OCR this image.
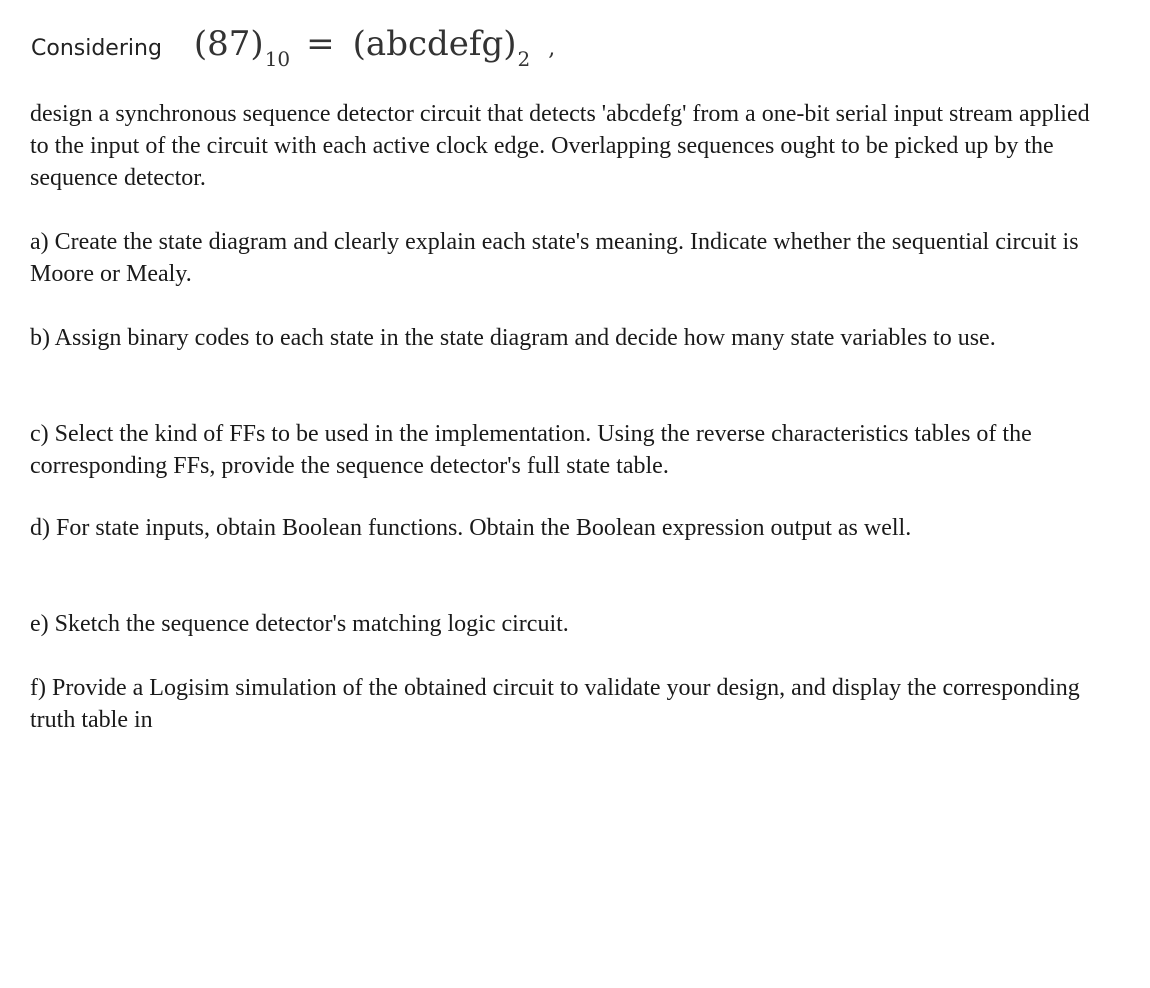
Considering (87) 10 = (abcdefg) 2 ,

design a synchronous sequence detector circuit that detects 'abcdefg' from a one-bit serial input stream applied to the input of the circuit with each active clock edge. Overlapping sequences ought to be picked up by the sequence detector.

a) Create the state diagram and clearly explain each state's meaning. Indicate whether the sequential circuit is Moore or Mealy.

b) Assign binary codes to each state in the state diagram and decide how many state variables to use.

c) Select the kind of FFs to be used in the implementation. Using the reverse characteristics tables of the corresponding FFs, provide the sequence detector's full state table.

d) For state inputs, obtain Boolean functions. Obtain the Boolean expression output as well.

e) Sketch the sequence detector's matching logic circuit.

f) Provide a Logisim simulation of the obtained circuit to validate your design, and display the corresponding truth table in
